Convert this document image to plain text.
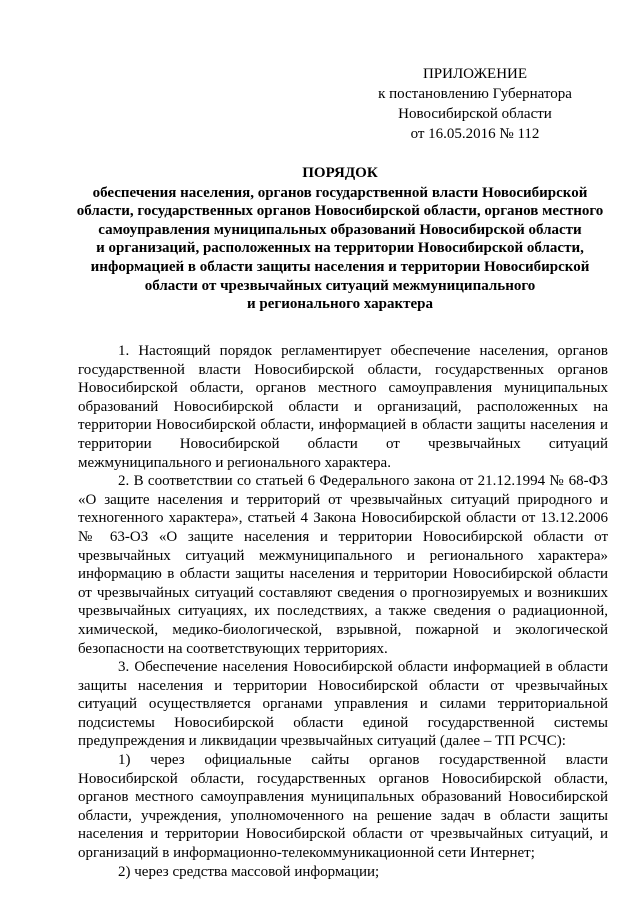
ПРИЛОЖЕНИЕ
к постановлению Губернатора
Новосибирской области
от 16.05.2016 № 112
ПОРЯДОК
обеспечения населения, органов государственной власти Новосибирской
области, государственных органов Новосибирской области, органов местного
самоуправления муниципальных образований Новосибирской области
и организаций, расположенных на территории Новосибирской области,
информацией в области защиты населения и территории Новосибирской
области от чрезвычайных ситуаций межмуниципального
и регионального характера

1. Настоящий порядок регламентирует обеспечение населения, органов государственной власти Новосибирской области, государственных органов Новосибирской области, органов местного самоуправления муниципальных образований Новосибирской области и организаций, расположенных на территории Новосибирской области, информацией в области защиты населения и территории Новосибирской области от чрезвычайных ситуаций межмуниципального и регионального характера.

2. В соответствии со статьей 6 Федерального закона от 21.12.1994 № 68-ФЗ «О защите населения и территорий от чрезвычайных ситуаций природного и техногенного характера», статьей 4 Закона Новосибирской области от 13.12.2006 № 63-ОЗ «О защите населения и территории Новосибирской области от чрезвычайных ситуаций межмуниципального и регионального характера» информацию в области защиты населения и территории Новосибирской области от чрезвычайных ситуаций составляют сведения о прогнозируемых и возникших чрезвычайных ситуациях, их последствиях, а также сведения о радиационной, химической, медико-биологической, взрывной, пожарной и экологической безопасности на соответствующих территориях.

3. Обеспечение населения Новосибирской области информацией в области защиты населения и территории Новосибирской области от чрезвычайных ситуаций осуществляется органами управления и силами территориальной подсистемы Новосибирской области единой государственной системы предупреждения и ликвидации чрезвычайных ситуаций (далее – ТП РСЧС):

1) через официальные сайты органов государственной власти Новосибирской области, государственных органов Новосибирской области, органов местного самоуправления муниципальных образований Новосибирской области, учреждения, уполномоченного на решение задач в области защиты населения и территории Новосибирской области от чрезвычайных ситуаций, и организаций в информационно-телекоммуникационной сети Интернет;

2) через средства массовой информации;
